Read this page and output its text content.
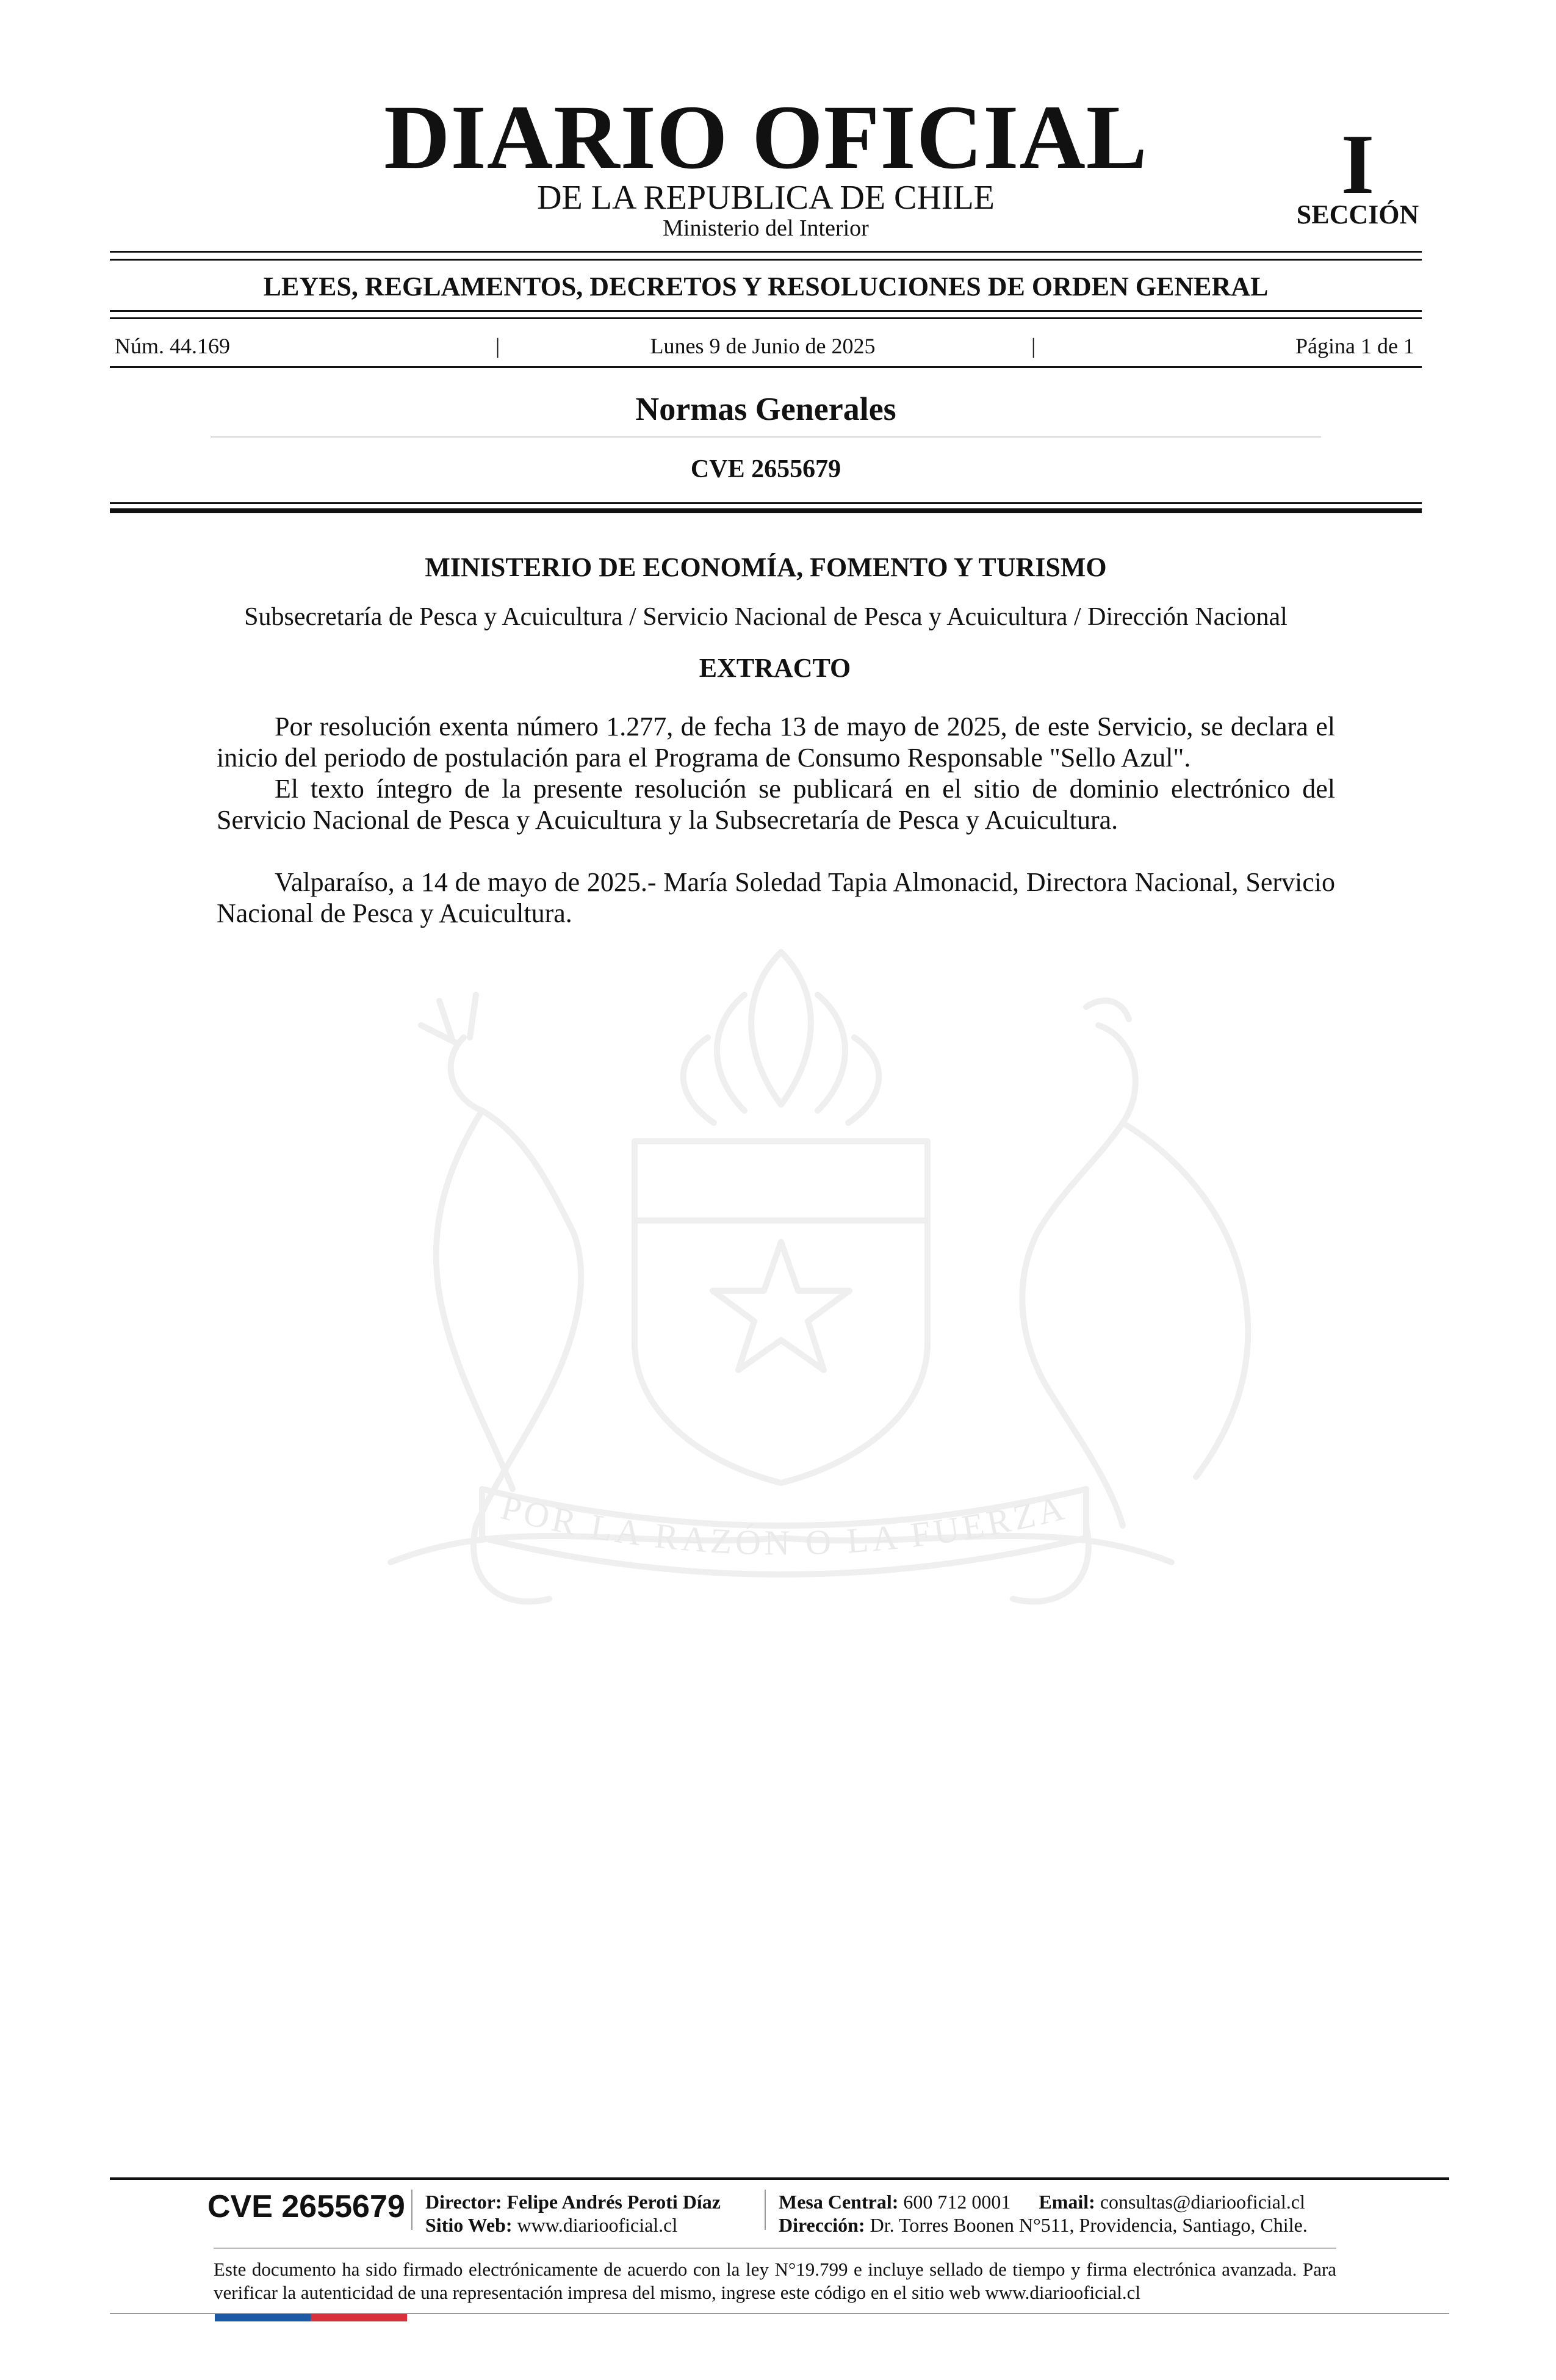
DIARIO OFICIAL
DE LA REPUBLICA DE CHILE
Ministerio del Interior
I
SECCIÓN
LEYES, REGLAMENTOS, DECRETOS Y RESOLUCIONES DE ORDEN GENERAL
Núm. 44.169	|	Lunes 9 de Junio de 2025	|	Página 1 de 1
Normas Generales
CVE 2655679
POR LA RAZÓN O LA FUERZA
MINISTERIO DE ECONOMÍA, FOMENTO Y TURISMO
Subsecretaría de Pesca y Acuicultura / Servicio Nacional de Pesca y Acuicultura / Dirección Nacional
EXTRACTO

Por resolución exenta número 1.277, de fecha 13 de mayo de 2025, de este Servicio, se declara el inicio del periodo de postulación para el Programa de Consumo Responsable "Sello Azul".

El texto íntegro de la presente resolución se publicará en el sitio de dominio electrónico del Servicio Nacional de Pesca y Acuicultura y la Subsecretaría de Pesca y Acuicultura.

Valparaíso, a 14 de mayo de 2025.- María Soledad Tapia Almonacid, Directora Nacional, Servicio Nacional de Pesca y Acuicultura.

CVE 2655679 Director: Felipe Andrés Peroti Díaz
Sitio Web: www.diariooficial.cl
Mesa Central: 600 712 0001 Email: consultas@diariooficial.cl
Dirección: Dr. Torres Boonen N°511, Providencia, Santiago, Chile.
Este documento ha sido firmado electrónicamente de acuerdo con la ley N°19.799 e incluye sellado de tiempo y firma electrónica avanzada. Para verificar la autenticidad de una representación impresa del mismo, ingrese este código en el sitio web www.diariooficial.cl
